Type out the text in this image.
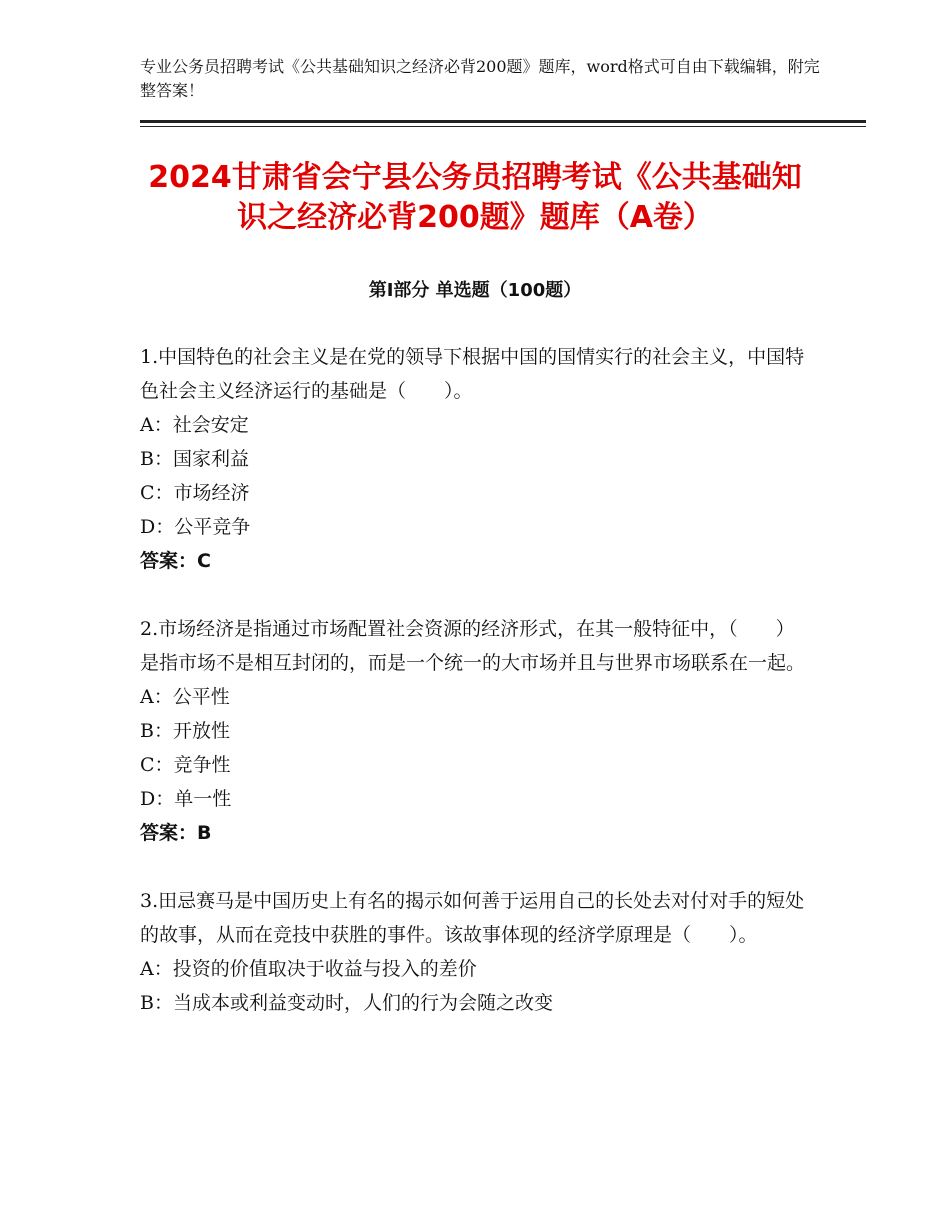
专业公务员招聘考试《公共基础知识之经济必背200题》题库，word格式可自由下载编辑，附完整答案！
2024甘肃省会宁县公务员招聘考试《公共基础知识之经济必背200题》题库（A卷）
第Ⅰ部分 单选题（100题）
1.中国特色的社会主义是在党的领导下根据中国的国情实行的社会主义，中国特色社会主义经济运行的基础是（　　）。
A：社会安定
B：国家利益
C：市场经济
D：公平竞争
答案：C
2.市场经济是指通过市场配置社会资源的经济形式，在其一般特征中，（　　）是指市场不是相互封闭的，而是一个统一的大市场并且与世界市场联系在一起。
A：公平性
B：开放性
C：竞争性
D：单一性
答案：B
3.田忌赛马是中国历史上有名的揭示如何善于运用自己的长处去对付对手的短处的故事，从而在竞技中获胜的事件。该故事体现的经济学原理是（　　）。
A：投资的价值取决于收益与投入的差价
B：当成本或利益变动时，人们的行为会随之改变
